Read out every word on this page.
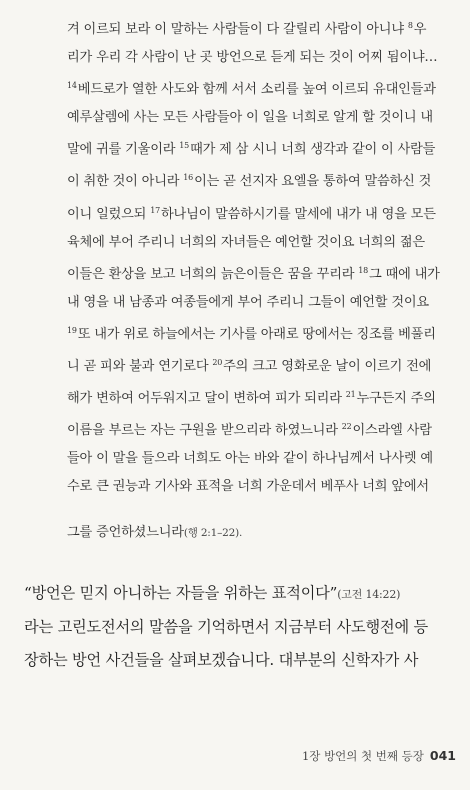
겨 이르되 보라 이 말하는 사람들이 다 갈릴리 사람이 아니냐 $^8$우
리가 우리 각 사람이 난 곳 방언으로 듣게 되는 것이 어찌 됨이냐…
$^{14}$베드로가 열한 사도와 함께 서서 소리를 높여 이르되 유대인들과
예루살렘에 사는 모든 사람들아 이 일을 너희로 알게 할 것이니 내
말에 귀를 기울이라 $^{15}$때가 제 삼 시니 너희 생각과 같이 이 사람들
이 취한 것이 아니라 $^{16}$이는 곧 선지자 요엘을 통하여 말씀하신 것
이니 일렀으되 $^{17}$하나님이 말씀하시기를 말세에 내가 내 영을 모든
육체에 부어 주리니 너희의 자녀들은 예언할 것이요 너희의 젊은
이들은 환상을 보고 너희의 늙은이들은 꿈을 꾸리라 $^{18}$그 때에 내가
내 영을 내 남종과 여종들에게 부어 주리니 그들이 예언할 것이요
$^{19}$또 내가 위로 하늘에서는 기사를 아래로 땅에서는 징조를 베풀리
니 곧 피와 불과 연기로다 $^{20}$주의 크고 영화로운 날이 이르기 전에
해가 변하여 어두워지고 달이 변하여 피가 되리라 $^{21}$누구든지 주의
이름을 부르는 자는 구원을 받으리라 하였느니라 $^{22}$이스라엘 사람
들아 이 말을 들으라 너희도 아는 바와 같이 하나님께서 나사렛 예
수로 큰 권능과 기사와 표적을 너희 가운데서 베푸사 너희 앞에서
그를 증언하셨느니라(행 2:1–22).
“방언은 믿지 아니하는 자들을 위하는 표적이다”(고전 14:22)
라는 고린도전서의 말씀을 기억하면서 지금부터 사도행전에 등
장하는 방언 사건들을 살펴보겠습니다. 대부분의 신학자가 사
1장 방언의 첫 번째 등장 041
